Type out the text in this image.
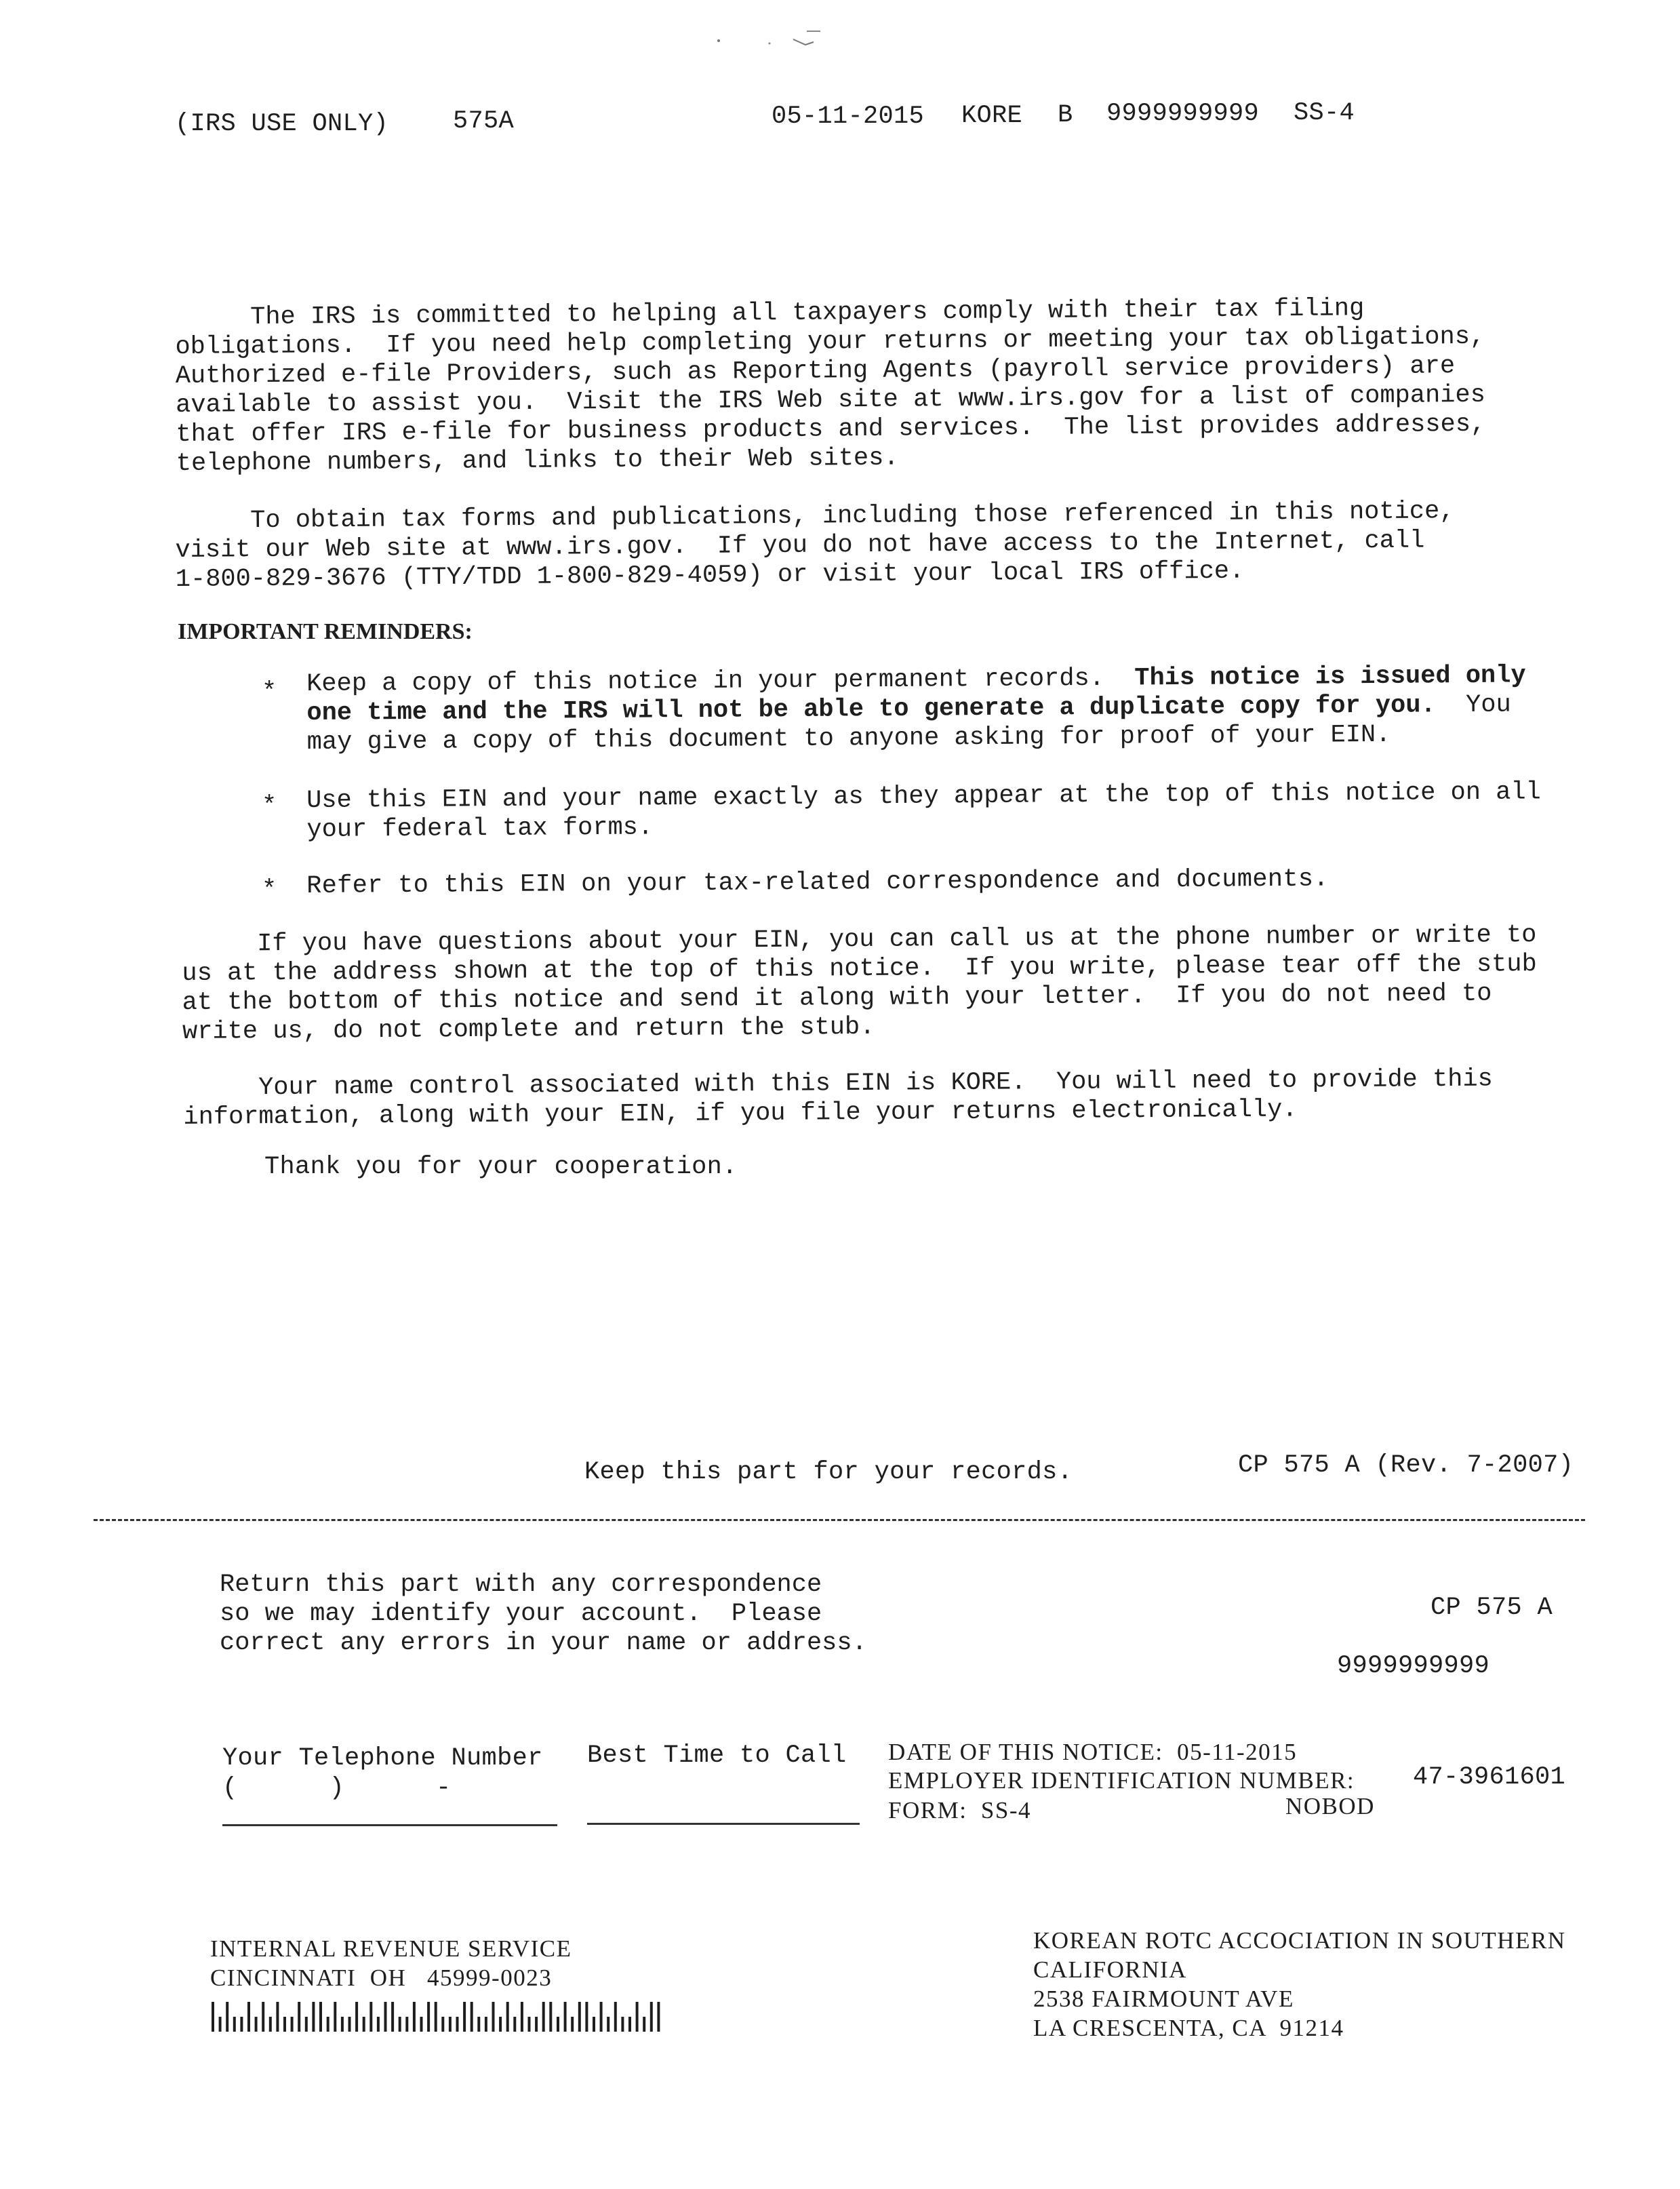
(IRS USE ONLY)	575A	05-11-2015 KORE B 9999999999 SS-4
The IRS is committed to helping all taxpayers comply with their tax filing
obligations.  If you need help completing your returns or meeting your tax obligations,
Authorized e-file Providers, such as Reporting Agents (payroll service providers) are
available to assist you.  Visit the IRS Web site at www.irs.gov for a list of companies
that offer IRS e-file for business products and services.  The list provides addresses,
telephone numbers, and links to their Web sites.
To obtain tax forms and publications, including those referenced in this notice,
visit our Web site at www.irs.gov.  If you do not have access to the Internet, call
1-800-829-3676 (TTY/TDD 1-800-829-4059) or visit your local IRS office.
IMPORTANT REMINDERS:
* Keep a copy of this notice in your permanent records.  This notice is issued only
one time and the IRS will not be able to generate a duplicate copy for you.  You
may give a copy of this document to anyone asking for proof of your EIN.
* Use this EIN and your name exactly as they appear at the top of this notice on all
your federal tax forms.
* Refer to this EIN on your tax-related correspondence and documents.
If you have questions about your EIN, you can call us at the phone number or write to
us at the address shown at the top of this notice.  If you write, please tear off the stub
at the bottom of this notice and send it along with your letter.  If you do not need to
write us, do not complete and return the stub.
Your name control associated with this EIN is KORE.  You will need to provide this
information, along with your EIN, if you file your returns electronically.
Thank you for your cooperation.
Keep this part for your records.	CP 575 A (Rev. 7-2007)
Return this part with any correspondence
so we may identify your account.  Please
correct any errors in your name or address.
CP 575 A
9999999999
Your Telephone Number
(      )      -
Best Time to Call DATE OF THIS NOTICE:  05-11-2015
EMPLOYER IDENTIFICATION NUMBER: 47-3961601
FORM:  SS-4	NOBOD
INTERNAL REVENUE SERVICE
CINCINNATI  OH   45999-0023
KOREAN ROTC ACCOCIATION IN SOUTHERN
CALIFORNIA
2538 FAIRMOUNT AVE
LA CRESCENTA, CA  91214
